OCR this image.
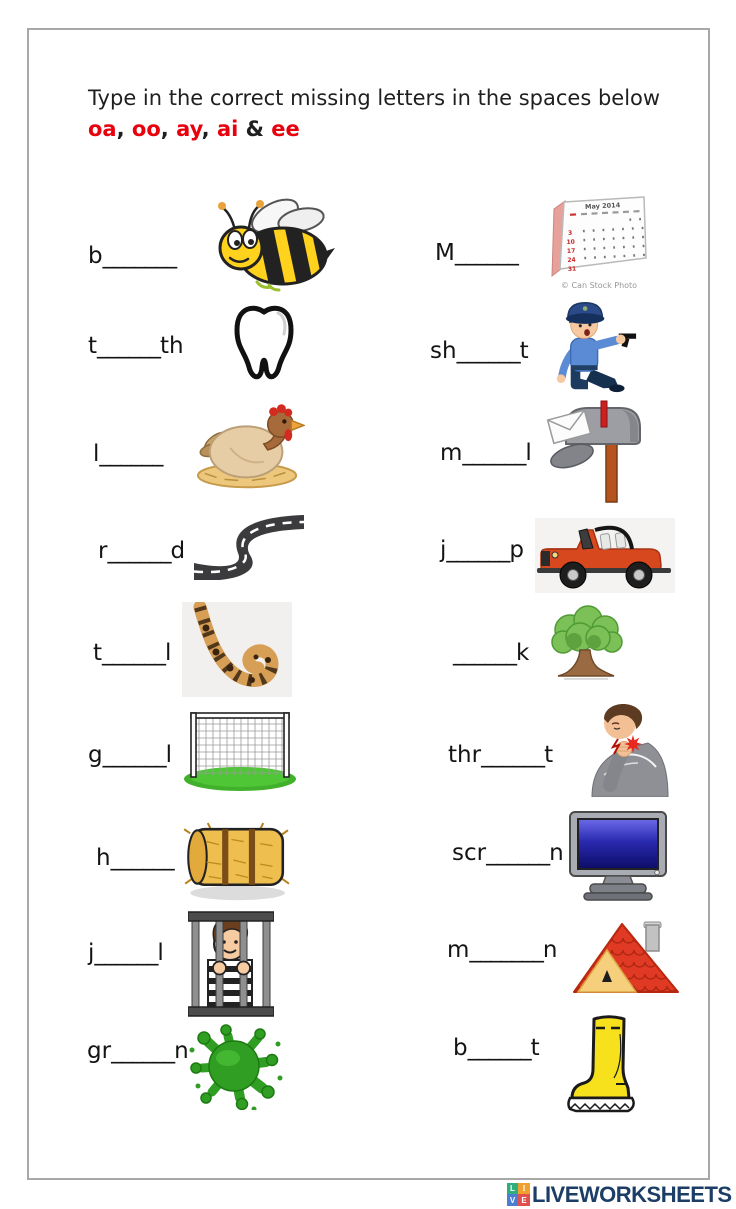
Type in the correct missing letters in the spaces below
oa, oo, ay, ai & ee
b_______	M______
May 2014
3
10
17
24
31
© Can Stock Photo
t______th	sh______t
l______	m______l
r______d	j______p
t______l	______k
g______l	thr______t
h______	scr______n
j______l	m_______n
gr______n	b______t
L I
V E LIVEWORKSHEETS
